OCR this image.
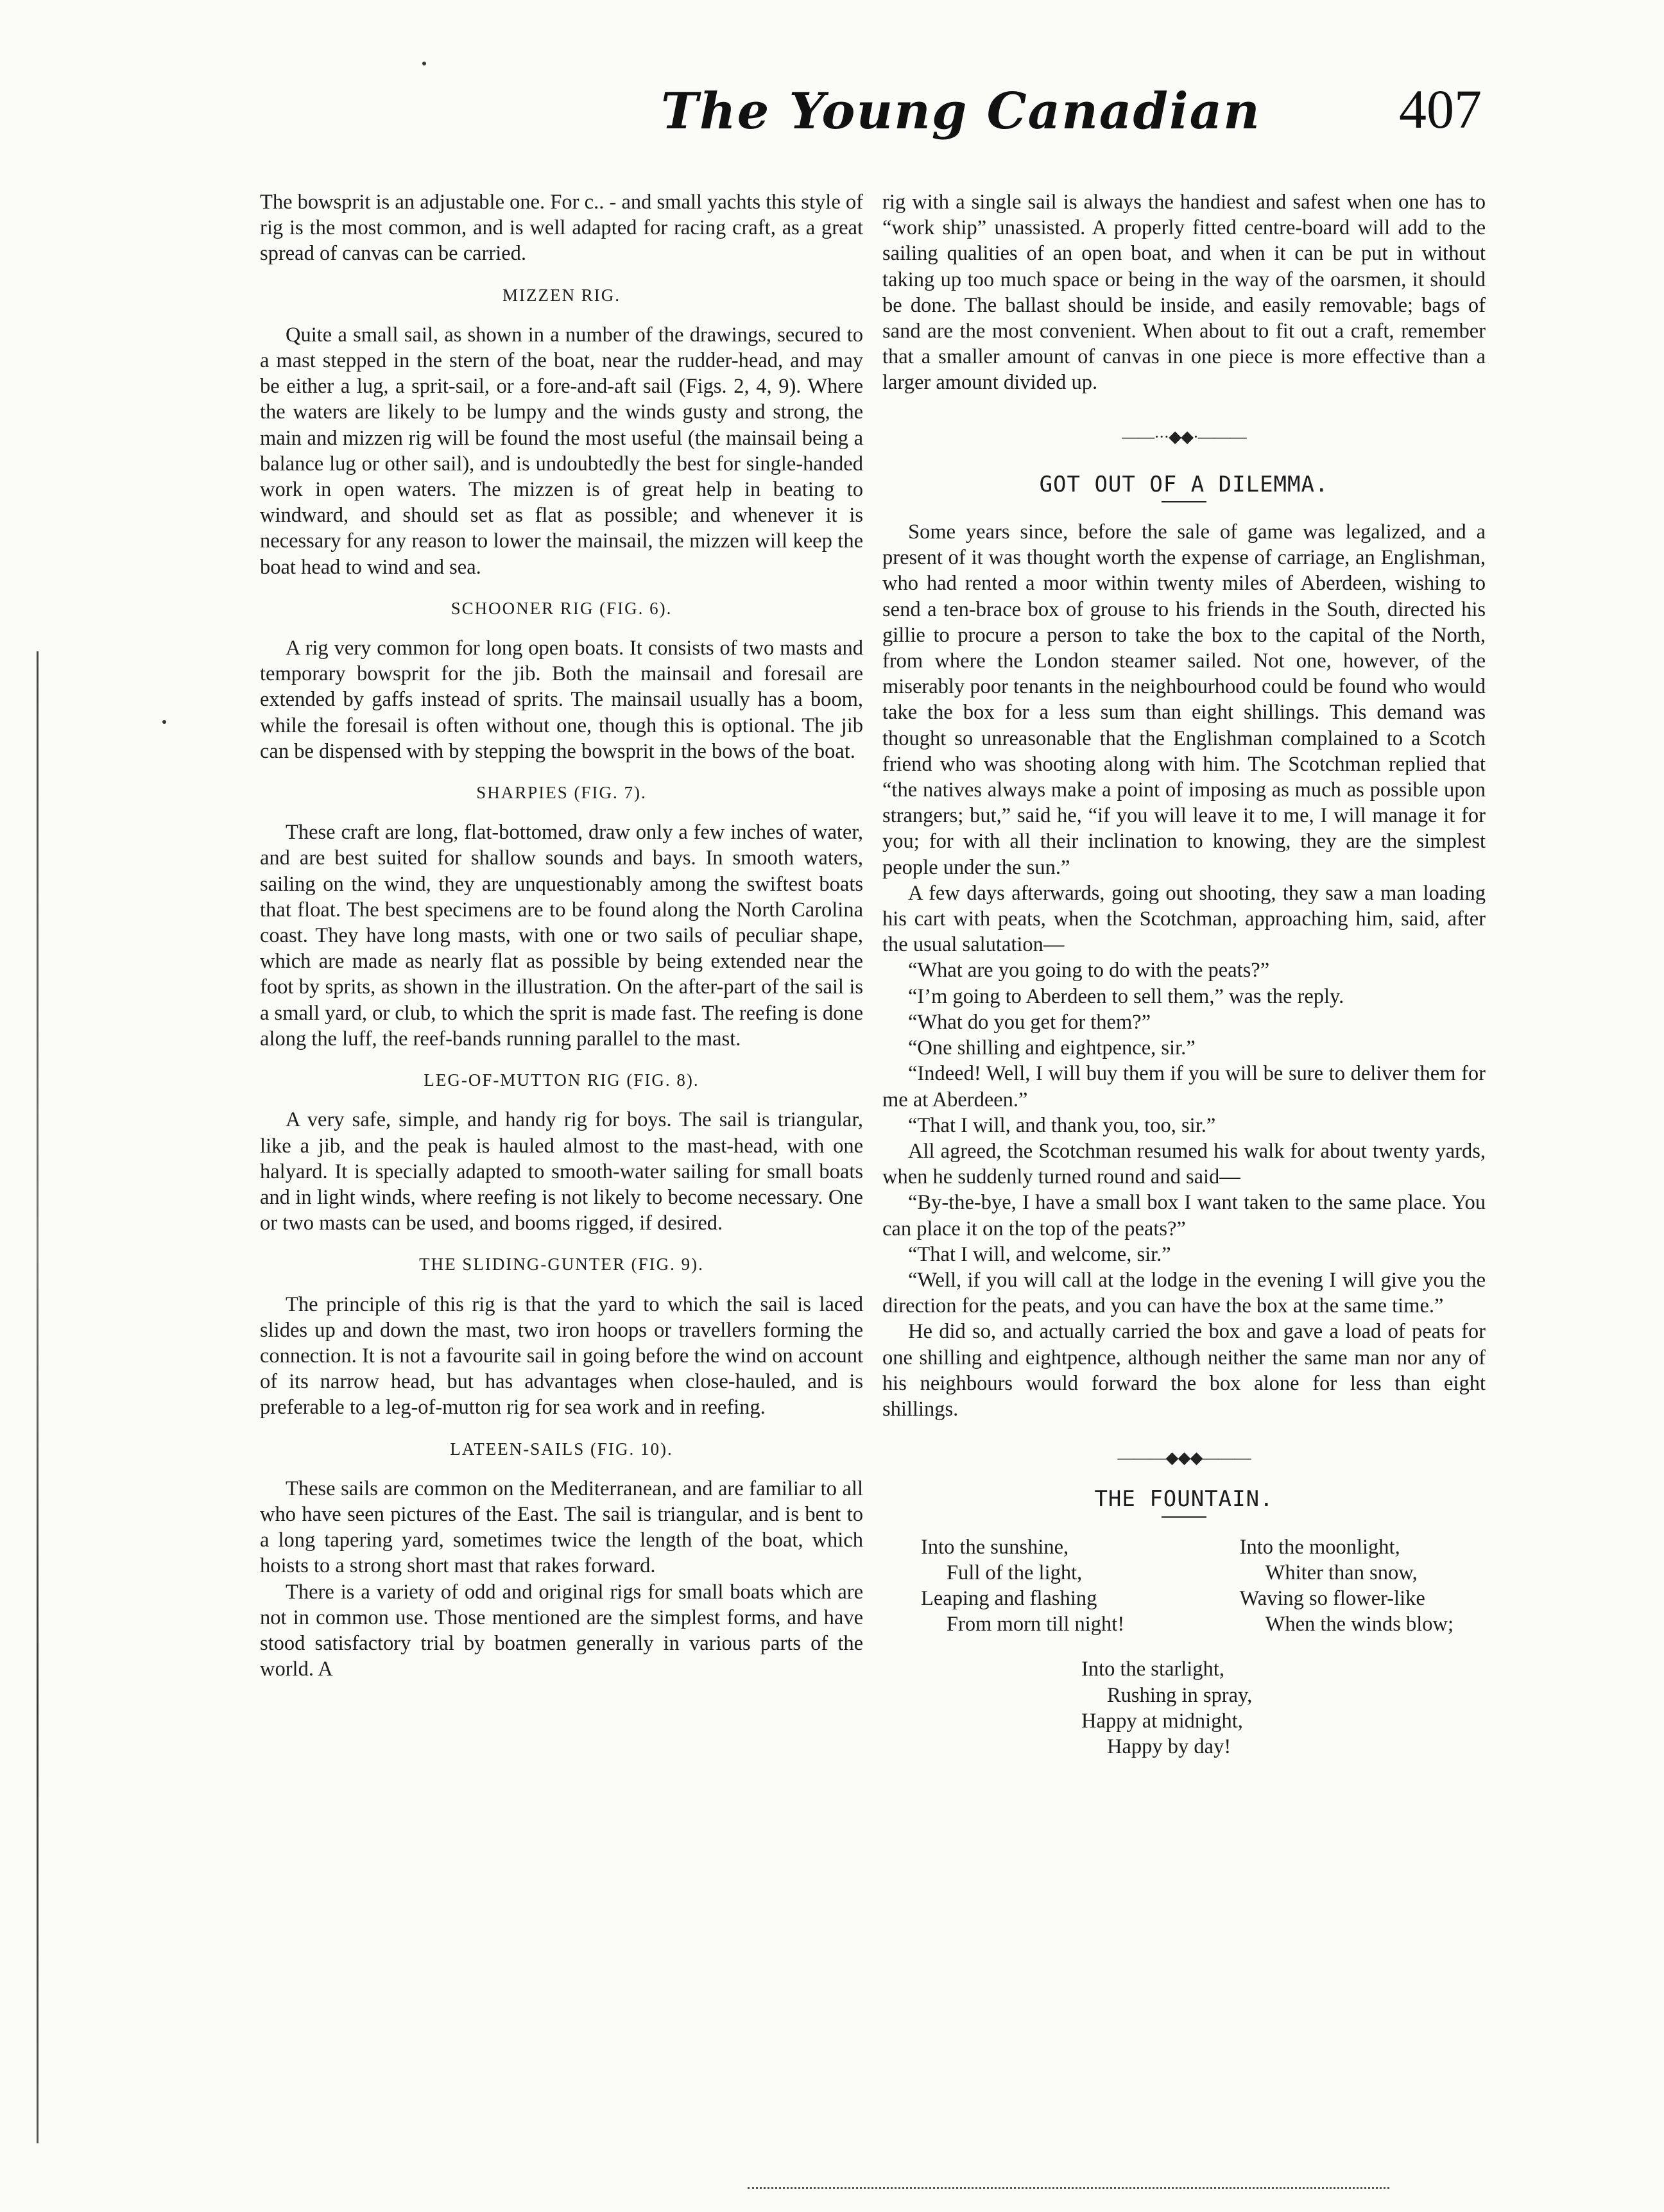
The Young Canadian	407

The bowsprit is an adjustable one. For c.. ‐ and small yachts this style of rig is the most common, and is well adapted for racing craft, as a great spread of canvas can be carried.

MIZZEN RIG.

Quite a small sail, as shown in a number of the drawings, secured to a mast stepped in the stern of the boat, near the rudder-head, and may be either a lug, a sprit-sail, or a fore-and-aft sail (Figs. 2, 4, 9). Where the waters are likely to be lumpy and the winds gusty and strong, the main and mizzen rig will be found the most useful (the mainsail being a balance lug or other sail), and is undoubtedly the best for single-handed work in open waters. The mizzen is of great help in beating to windward, and should set as flat as possible; and whenever it is necessary for any reason to lower the mainsail, the mizzen will keep the boat head to wind and sea.

SCHOONER RIG (FIG. 6).

A rig very common for long open boats. It consists of two masts and temporary bowsprit for the jib. Both the mainsail and foresail are extended by gaffs instead of sprits. The mainsail usually has a boom, while the foresail is often without one, though this is optional. The jib can be dispensed with by stepping the bowsprit in the bows of the boat.

SHARPIES (FIG. 7).

These craft are long, flat-bottomed, draw only a few inches of water, and are best suited for shallow sounds and bays. In smooth waters, sailing on the wind, they are unquestionably among the swiftest boats that float. The best specimens are to be found along the North Carolina coast. They have long masts, with one or two sails of peculiar shape, which are made as nearly flat as possible by being extended near the foot by sprits, as shown in the illustration. On the after-part of the sail is a small yard, or club, to which the sprit is made fast. The reefing is done along the luff, the reef-bands running parallel to the mast.

LEG-OF-MUTTON RIG (FIG. 8).

A very safe, simple, and handy rig for boys. The sail is triangular, like a jib, and the peak is hauled almost to the mast-head, with one halyard. It is specially adapted to smooth-water sailing for small boats and in light winds, where reefing is not likely to become necessary. One or two masts can be used, and booms rigged, if desired.

THE SLIDING-GUNTER (FIG. 9).

The principle of this rig is that the yard to which the sail is laced slides up and down the mast, two iron hoops or travellers forming the connection. It is not a favourite sail in going before the wind on account of its narrow head, but has advantages when close-hauled, and is preferable to a leg-of-mutton rig for sea work and in reefing.

LATEEN-SAILS (FIG. 10).

These sails are common on the Mediterranean, and are familiar to all who have seen pictures of the East. The sail is triangular, and is bent to a long tapering yard, sometimes twice the length of the boat, which hoists to a strong short mast that rakes forward.

There is a variety of odd and original rigs for small boats which are not in common use. Those mentioned are the simplest forms, and have stood satisfactory trial by boatmen generally in various parts of the world. A

rig with a single sail is always the handiest and safest when one has to “work ship” unassisted. A properly fitted centre-board will add to the sailing qualities of an open boat, and when it can be put in without taking up too much space or being in the way of the oarsmen, it should be done. The ballast should be inside, and easily removable; bags of sand are the most convenient. When about to fit out a craft, remember that a smaller amount of canvas in one piece is more effective than a larger amount divided up.

——···◆◆·———
GOT OUT OF A DILEMMA.

Some years since, before the sale of game was legalized, and a present of it was thought worth the expense of carriage, an Englishman, who had rented a moor within twenty miles of Aberdeen, wishing to send a ten-brace box of grouse to his friends in the South, directed his gillie to procure a person to take the box to the capital of the North, from where the London steamer sailed. Not one, however, of the miserably poor tenants in the neighbourhood could be found who would take the box for a less sum than eight shillings. This demand was thought so unreasonable that the Englishman complained to a Scotch friend who was shooting along with him. The Scotchman replied that “the natives always make a point of imposing as much as possible upon strangers; but,” said he, “if you will leave it to me, I will manage it for you; for with all their inclination to knowing, they are the simplest people under the sun.”

A few days afterwards, going out shooting, they saw a man loading his cart with peats, when the Scotchman, approaching him, said, after the usual salutation—

“What are you going to do with the peats?”

“I’m going to Aberdeen to sell them,” was the reply.

“What do you get for them?”

“One shilling and eightpence, sir.”

“Indeed! Well, I will buy them if you will be sure to deliver them for me at Aberdeen.”

“That I will, and thank you, too, sir.”

All agreed, the Scotchman resumed his walk for about twenty yards, when he suddenly turned round and said—

“By-the-bye, I have a small box I want taken to the same place. You can place it on the top of the peats?”

“That I will, and welcome, sir.”

“Well, if you will call at the lodge in the evening I will give you the direction for the peats, and you can have the box at the same time.”

He did so, and actually carried the box and gave a load of peats for one shilling and eightpence, although neither the same man nor any of his neighbours would forward the box alone for less than eight shillings.

———◆◆◆———
THE FOUNTAIN.
Into the sunshine,
Full of the light,
Leaping and flashing
From morn till night!
Into the moonlight,
Whiter than snow,
Waving so flower-like
When the winds blow;
Into the starlight,
Rushing in spray,
Happy at midnight,
Happy by day!
